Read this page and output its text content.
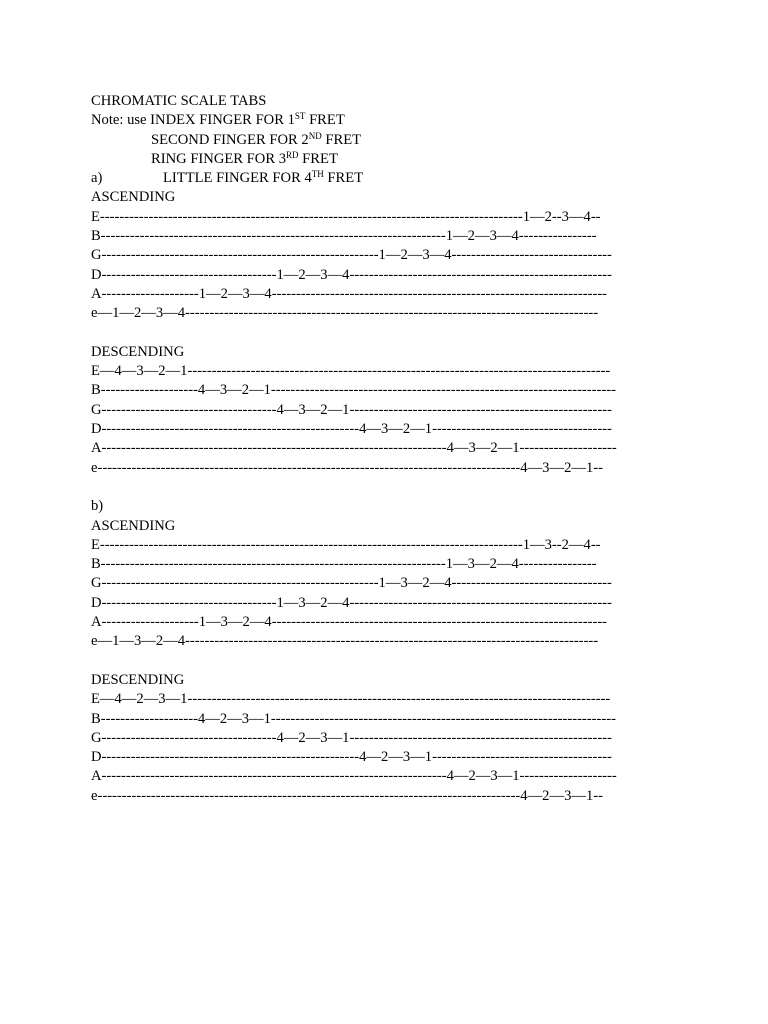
CHROMATIC SCALE TABS
Note: use INDEX FINGER FOR 1ST FRET
SECOND FINGER FOR 2ND FRET
RING FINGER FOR 3RD FRET
a)	LITTLE FINGER FOR 4TH FRET
ASCENDING
E---------------------------------------------------------------------------------------1—2--3—4--
B-----------------------------------------------------------------------1—2—3—4----------------
G---------------------------------------------------------1—2—3—4---------------------------------
D------------------------------------1—2—3—4------------------------------------------------------
A--------------------1—2—3—4---------------------------------------------------------------------
e—1—2—3—4-------------------------------------------------------------------------------------
DESCENDING
E—4—3—2—1---------------------------------------------------------------------------------------
B--------------------4—3—2—1-----------------------------------------------------------------------
G------------------------------------4—3—2—1------------------------------------------------------
D-----------------------------------------------------4—3—2—1-------------------------------------
A-----------------------------------------------------------------------4—3—2—1--------------------
e---------------------------------------------------------------------------------------4—3—2—1--
b)
ASCENDING
E---------------------------------------------------------------------------------------1—3--2—4--
B-----------------------------------------------------------------------1—3—2—4----------------
G---------------------------------------------------------1—3—2—4---------------------------------
D------------------------------------1—3—2—4------------------------------------------------------
A--------------------1—3—2—4---------------------------------------------------------------------
e—1—3—2—4-------------------------------------------------------------------------------------
DESCENDING
E—4—2—3—1---------------------------------------------------------------------------------------
B--------------------4—2—3—1-----------------------------------------------------------------------
G------------------------------------4—2—3—1------------------------------------------------------
D-----------------------------------------------------4—2—3—1-------------------------------------
A-----------------------------------------------------------------------4—2—3—1--------------------
e---------------------------------------------------------------------------------------4—2—3—1--
